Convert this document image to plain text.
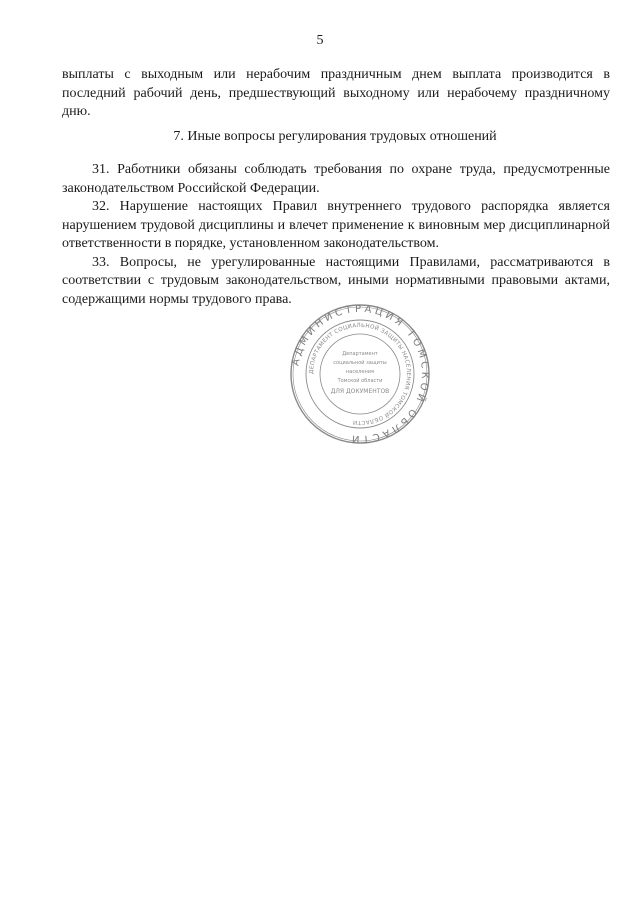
5
выплаты с выходным или нерабочим праздничным днем выплата производится в последний рабочий день, предшествующий выходному или нерабочему праздничному дню.
7. Иные вопросы регулирования трудовых отношений

31. Работники обязаны соблюдать требования по охране труда, предусмотренные законодательством Российской Федерации.

32. Нарушение настоящих Правил внутреннего трудового распорядка является нарушением трудовой дисциплины и влечет применение к виновным мер дисциплинарной ответственности в порядке, установленном законодательством.

33. Вопросы, не урегулированные настоящими Правилами, рассматриваются в соответствии с трудовым законодательством, иными нормативными правовыми актами, содержащими нормы трудового права.

АДМИНИСТРАЦИЯ ТОМСКОЙ ОБЛАСТИ
ДЕПАРТАМЕНТ СОЦИАЛЬНОЙ ЗАЩИТЫ НАСЕЛЕНИЯ ТОМСКОЙ ОБЛАСТИ
Департамент
социальной защиты
населения
Томской области
ДЛЯ ДОКУМЕНТОВ
